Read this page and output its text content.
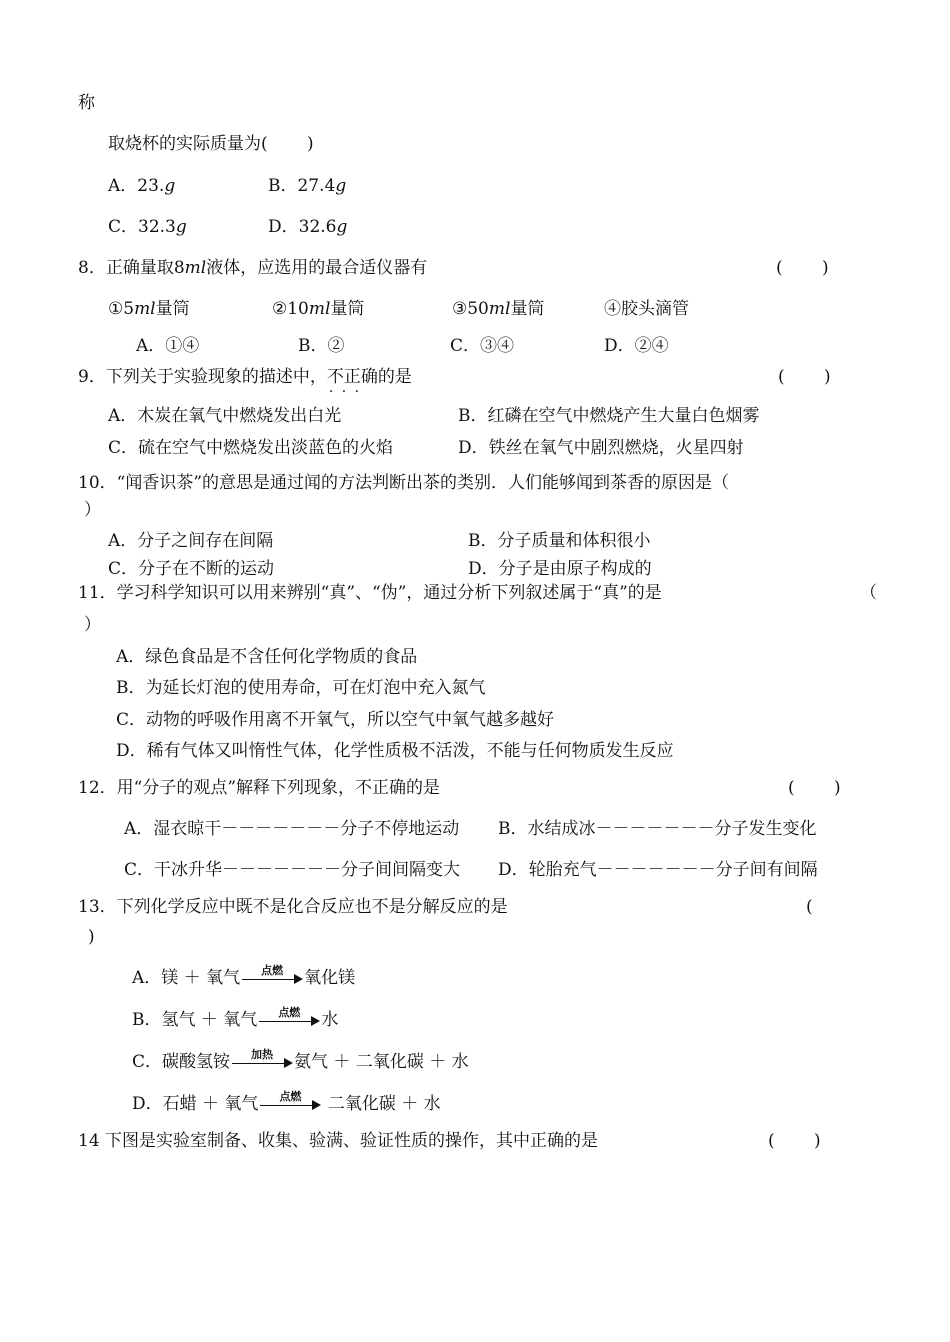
称
取烧杯的实际质量为(　　 )
A．23.g	B．27.4g
C．32.3g	D．32.6g
8．正确量取8ml液体，应选用的最合适仪器有	(　　 )
①5ml量筒	②10ml量筒	③50ml量筒	④胶头滴管
A．①④	B．②	C．③④	D．②④
9．下列关于实验现象的描述中，不正确 · · ·的是	(　　 )
A．木炭在氧气中燃烧发出白光	B．红磷在空气中燃烧产生大量白色烟雾
C．硫在空气中燃烧发出淡蓝色的火焰	D．铁丝在氧气中剧烈燃烧，火星四射
10．“闻香识茶”的意思是通过闻的方法判断出茶的类别．人们能够闻到茶香的原因是（
）
A．分子之间存在间隔	B．分子质量和体积很小
C．分子在不断的运动	D．分子是由原子构成的
11．学习科学知识可以用来辨别“真”、“伪”，通过分析下列叙述属于“真”的是	（
）
A．绿色食品是不含任何化学物质的食品
B．为延长灯泡的使用寿命，可在灯泡中充入氮气
C．动物的呼吸作用离不开氧气，所以空气中氧气越多越好
D．稀有气体又叫惰性气体，化学性质极不活泼，不能与任何物质发生反应
12．用“分子的观点”解释下列现象，不正确的是	(　　 )
A．湿衣晾干－－－－－－－分子不停地运动 B．水结成冰－－－－－－－分子发生变化
C．干冰升华－－－－－－－分子间间隔变大 D．轮胎充气－－－－－－－分子间有间隔
13．下列化学反应中既不是化合反应也不是分解反应的是	(
)
A．镁 ＋ 氧气	点燃	氧化镁
B．氢气 ＋ 氧气	点燃	水
C．碳酸氢铵	加热	氨气 ＋ 二氧化碳 ＋ 水
D．石蜡 ＋ 氧气	点燃	二氧化碳 ＋ 水
14 下图是实验室制备、收集、验满、验证性质的操作，其中正确的是	(　　 )
